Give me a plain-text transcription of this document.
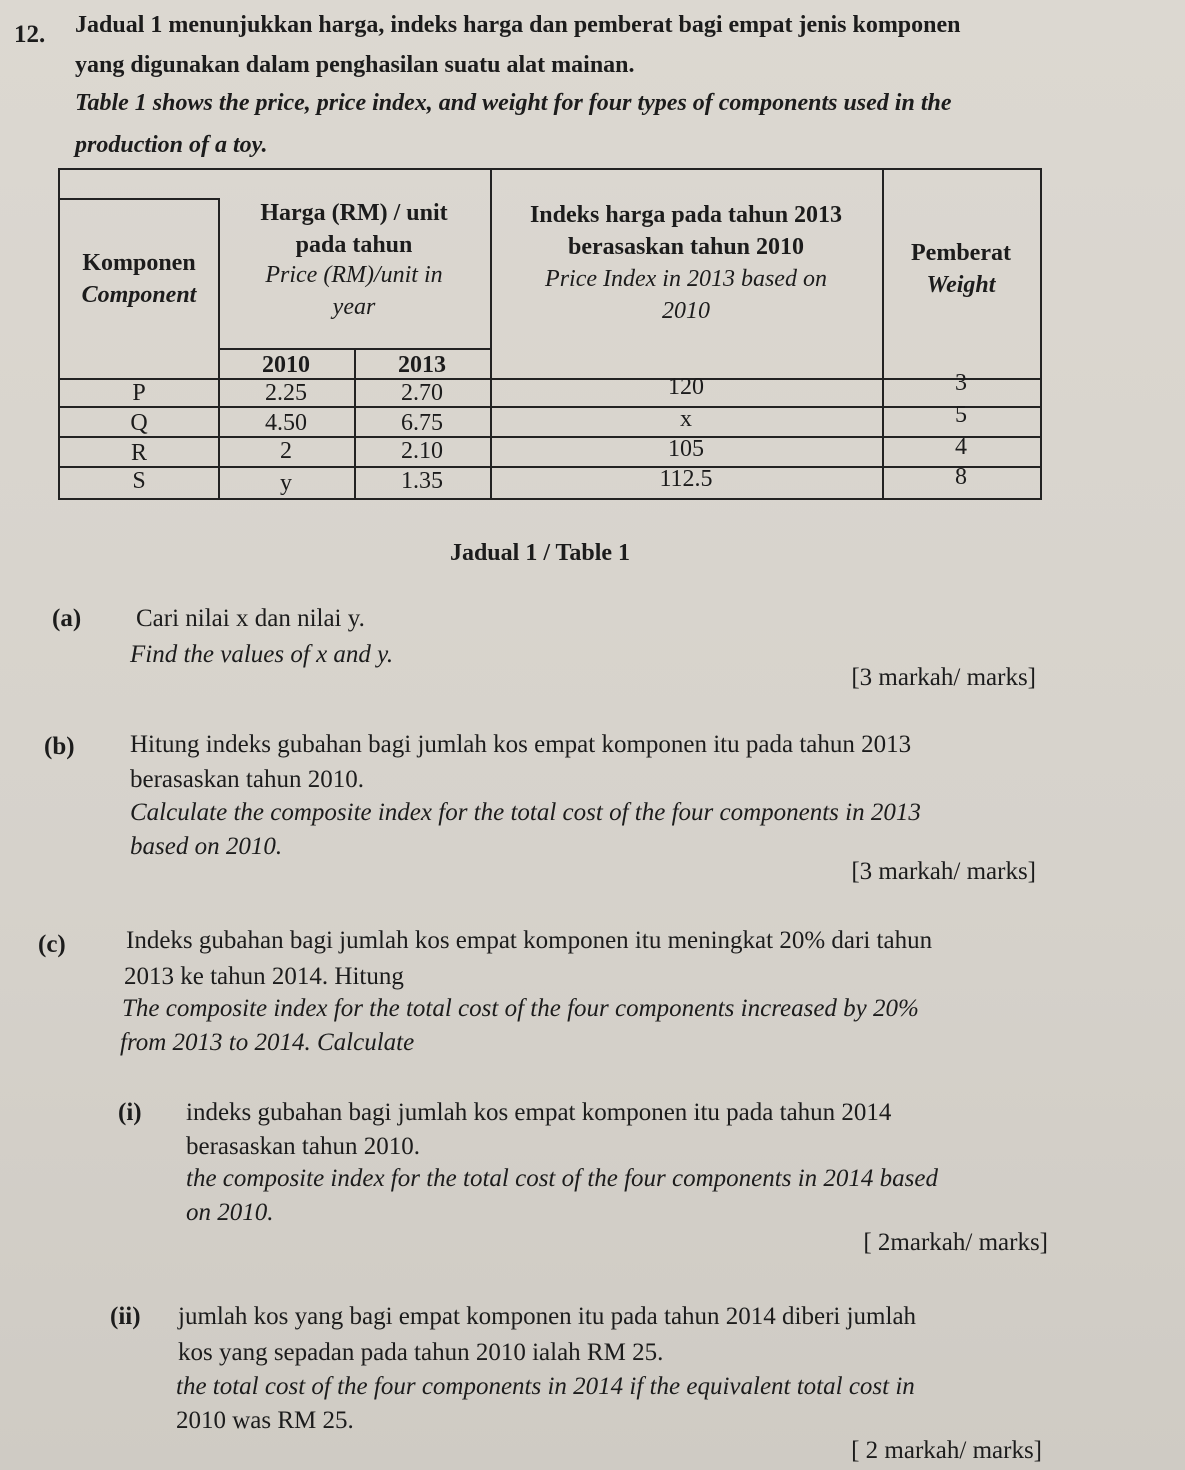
12. Jadual 1 menunjukkan harga, indeks harga dan pemberat bagi empat jenis komponen
yang digunakan dalam penghasilan suatu alat mainan.
Table 1 shows the price, price index, and weight for four types of components used in the
production of a toy.
Komponen
Component
Harga (RM) / unit
pada tahun
Price (RM)/unit in
year
2010	2013
Indeks harga pada tahun 2013
berasaskan tahun 2010
Price Index in 2013 based on
2010
Pemberat
Weight
P	2.25	2.70	120	3
Q	4.50	6.75	x	5
R	2	2.10	105	4
S	y	1.35	112.5	8
Jadual 1 / Table 1
(a) Cari nilai x dan nilai y.
Find the values of x and y.
[3 markah/ marks]
(b) Hitung indeks gubahan bagi jumlah kos empat komponen itu pada tahun 2013
berasaskan tahun 2010.
Calculate the composite index for the total cost of the four components in 2013
based on 2010.
[3 markah/ marks]
(c) Indeks gubahan bagi jumlah kos empat komponen itu meningkat 20% dari tahun
2013 ke tahun 2014. Hitung
The composite index for the total cost of the four components increased by 20%
from 2013 to 2014. Calculate
(i) indeks gubahan bagi jumlah kos empat komponen itu pada tahun 2014
berasaskan tahun 2010.
the composite index for the total cost of the four components in 2014 based
on 2010.
[ 2markah/ marks]
(ii) jumlah kos yang bagi empat komponen itu pada tahun 2014 diberi jumlah
kos yang sepadan pada tahun 2010 ialah RM 25.
the total cost of the four components in 2014 if the equivalent total cost in
2010 was RM 25.
[ 2 markah/ marks]
